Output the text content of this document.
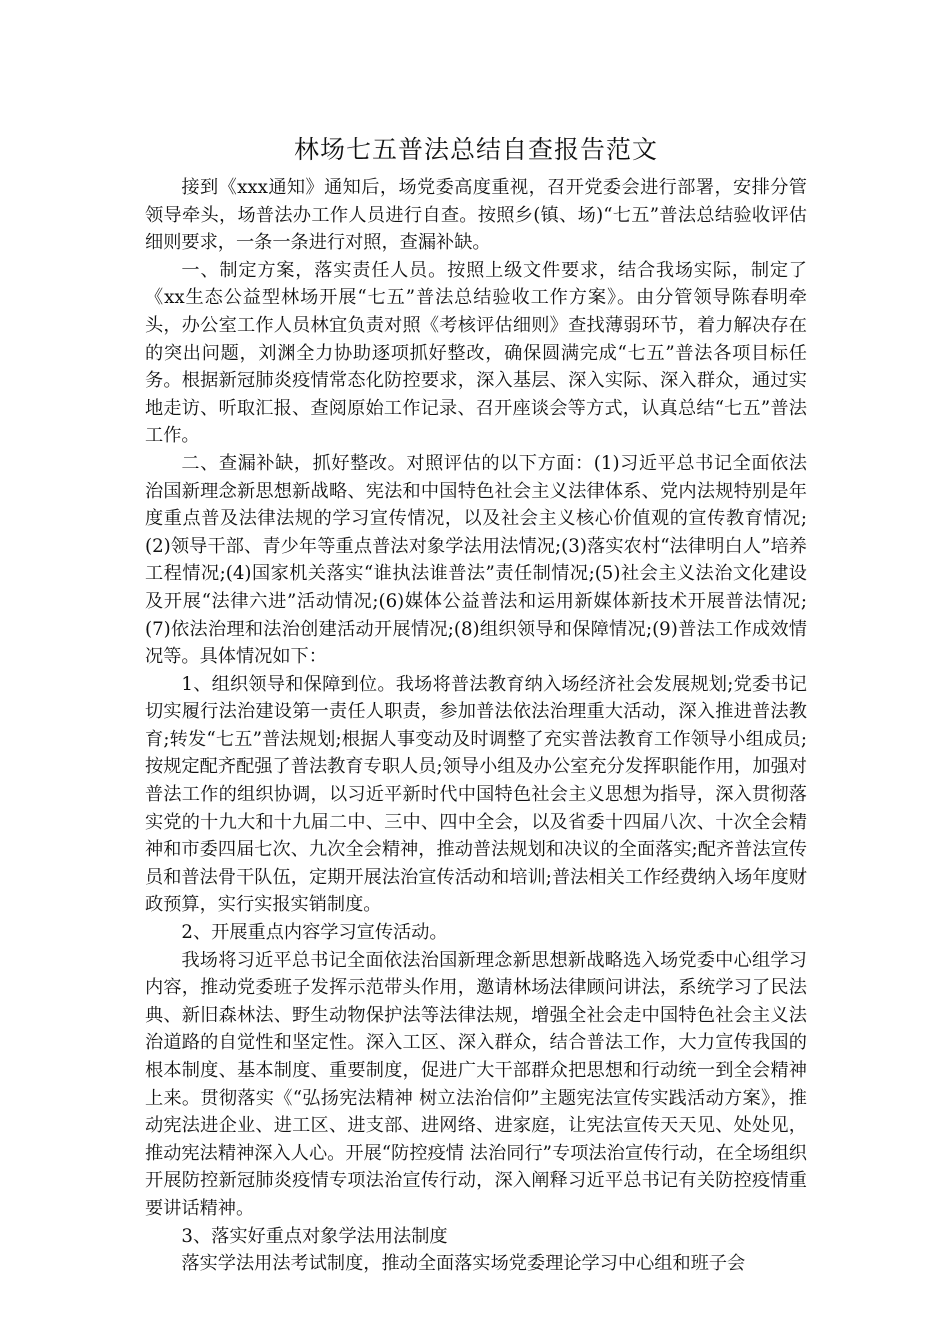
林场七五普法总结自查报告范文

接到《xxx通知》通知后，场党委高度重视，召开党委会进行部署，安排分管领导牵头，场普法办工作人员进行自查。按照乡(镇、场)“七五”普法总结验收评估细则要求，一条一条进行对照，查漏补缺。

一、制定方案，落实责任人员。按照上级文件要求，结合我场实际，制定了《xx生态公益型林场开展“七五”普法总结验收工作方案》。由分管领导陈春明牵头，办公室工作人员林宜负责对照《考核评估细则》查找薄弱环节，着力解决存在的突出问题，刘渊全力协助逐项抓好整改，确保圆满完成“七五”普法各项目标任务。根据新冠肺炎疫情常态化防控要求，深入基层、深入实际、深入群众，通过实地走访、听取汇报、查阅原始工作记录、召开座谈会等方式，认真总结“七五”普法工作。

二、查漏补缺，抓好整改。对照评估的以下方面：(1)习近平总书记全面依法治国新理念新思想新战略、宪法和中国特色社会主义法律体系、党内法规特别是年度重点普及法律法规的学习宣传情况，以及社会主义核心价值观的宣传教育情况;(2)领导干部、青少年等重点普法对象学法用法情况;(3)落实农村“法律明白人”培养工程情况;(4)国家机关落实“谁执法谁普法”责任制情况;(5)社会主义法治文化建设及开展“法律六进”活动情况;(6)媒体公益普法和运用新媒体新技术开展普法情况;(7)依法治理和法治创建活动开展情况;(8)组织领导和保障情况;(9)普法工作成效情况等。具体情况如下：

1、组织领导和保障到位。我场将普法教育纳入场经济社会发展规划;党委书记切实履行法治建设第一责任人职责，参加普法依法治理重大活动，深入推进普法教育;转发“七五”普法规划;根据人事变动及时调整了充实普法教育工作领导小组成员;按规定配齐配强了普法教育专职人员;领导小组及办公室充分发挥职能作用，加强对普法工作的组织协调，以习近平新时代中国特色社会主义思想为指导，深入贯彻落实党的十九大和十九届二中、三中、四中全会，以及省委十四届八次、十次全会精神和市委四届七次、九次全会精神，推动普法规划和决议的全面落实;配齐普法宣传员和普法骨干队伍，定期开展法治宣传活动和培训;普法相关工作经费纳入场年度财政预算，实行实报实销制度。

2、开展重点内容学习宣传活动。

我场将习近平总书记全面依法治国新理念新思想新战略选入场党委中心组学习内容，推动党委班子发挥示范带头作用，邀请林场法律顾问讲法，系统学习了民法典、新旧森林法、野生动物保护法等法律法规，增强全社会走中国特色社会主义法治道路的自觉性和坚定性。深入工区、深入群众，结合普法工作，大力宣传我国的根本制度、基本制度、重要制度，促进广大干部群众把思想和行动统一到全会精神上来。贯彻落实《“弘扬宪法精神 树立法治信仰”主题宪法宣传实践活动方案》，推动宪法进企业、进工区、进支部、进网络、进家庭，让宪法宣传天天见、处处见，推动宪法精神深入人心。开展“防控疫情 法治同行”专项法治宣传行动，在全场组织开展防控新冠肺炎疫情专项法治宣传行动，深入阐释习近平总书记有关防控疫情重要讲话精神。

3、落实好重点对象学法用法制度

落实学法用法考试制度，推动全面落实场党委理论学习中心组和班子会
